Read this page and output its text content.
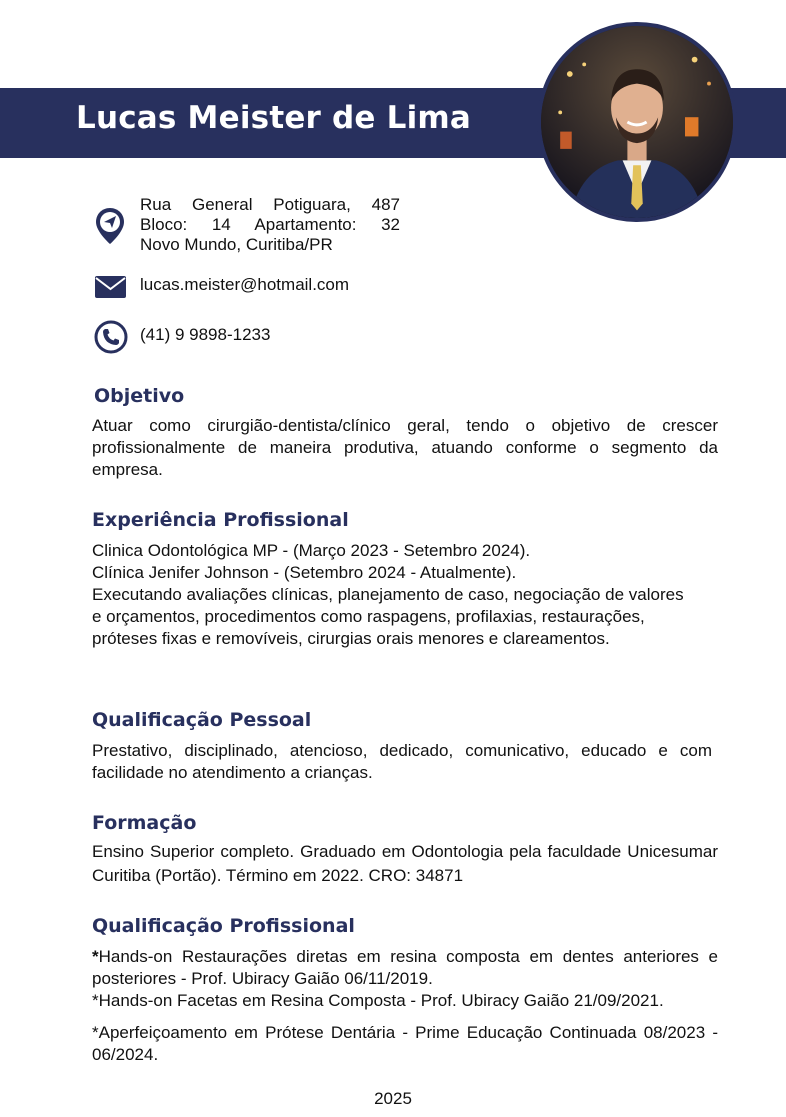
Lucas Meister de Lima
Rua General Potiguara, 487
Bloco: 14 Apartamento: 32
Novo Mundo, Curitiba/PR
lucas.meister@hotmail.com
(41) 9 9898-1233
Objetivo
Atuar como cirurgião-dentista/clínico geral, tendo o objetivo de crescer profissionalmente de maneira produtiva, atuando conforme o segmento da empresa.
Experiência Profissional
Clinica Odontológica MP - (Março 2023 - Setembro 2024).
Clínica Jenifer Johnson - (Setembro 2024 - Atualmente).
Executando avaliações clínicas, planejamento de caso, negociação de valores e orçamentos, procedimentos como raspagens, profilaxias, restaurações, próteses fixas e removíveis, cirurgias orais menores e clareamentos.
Qualificação Pessoal
Prestativo, disciplinado, atencioso, dedicado, comunicativo, educado e com facilidade no atendimento a crianças.
Formação
Ensino Superior completo. Graduado em Odontologia pela faculdade Unicesumar Curitiba (Portão). Término em 2022. CRO: 34871
Qualificação Profissional
*Hands-on Restaurações diretas em resina composta em dentes anteriores e posteriores - Prof. Ubiracy Gaião 06/11/2019.
*Hands-on Facetas em Resina Composta - Prof. Ubiracy Gaião 21/09/2021.
*Aperfeiçoamento em Prótese Dentária - Prime Educação Continuada 08/2023 - 06/2024.
2025
